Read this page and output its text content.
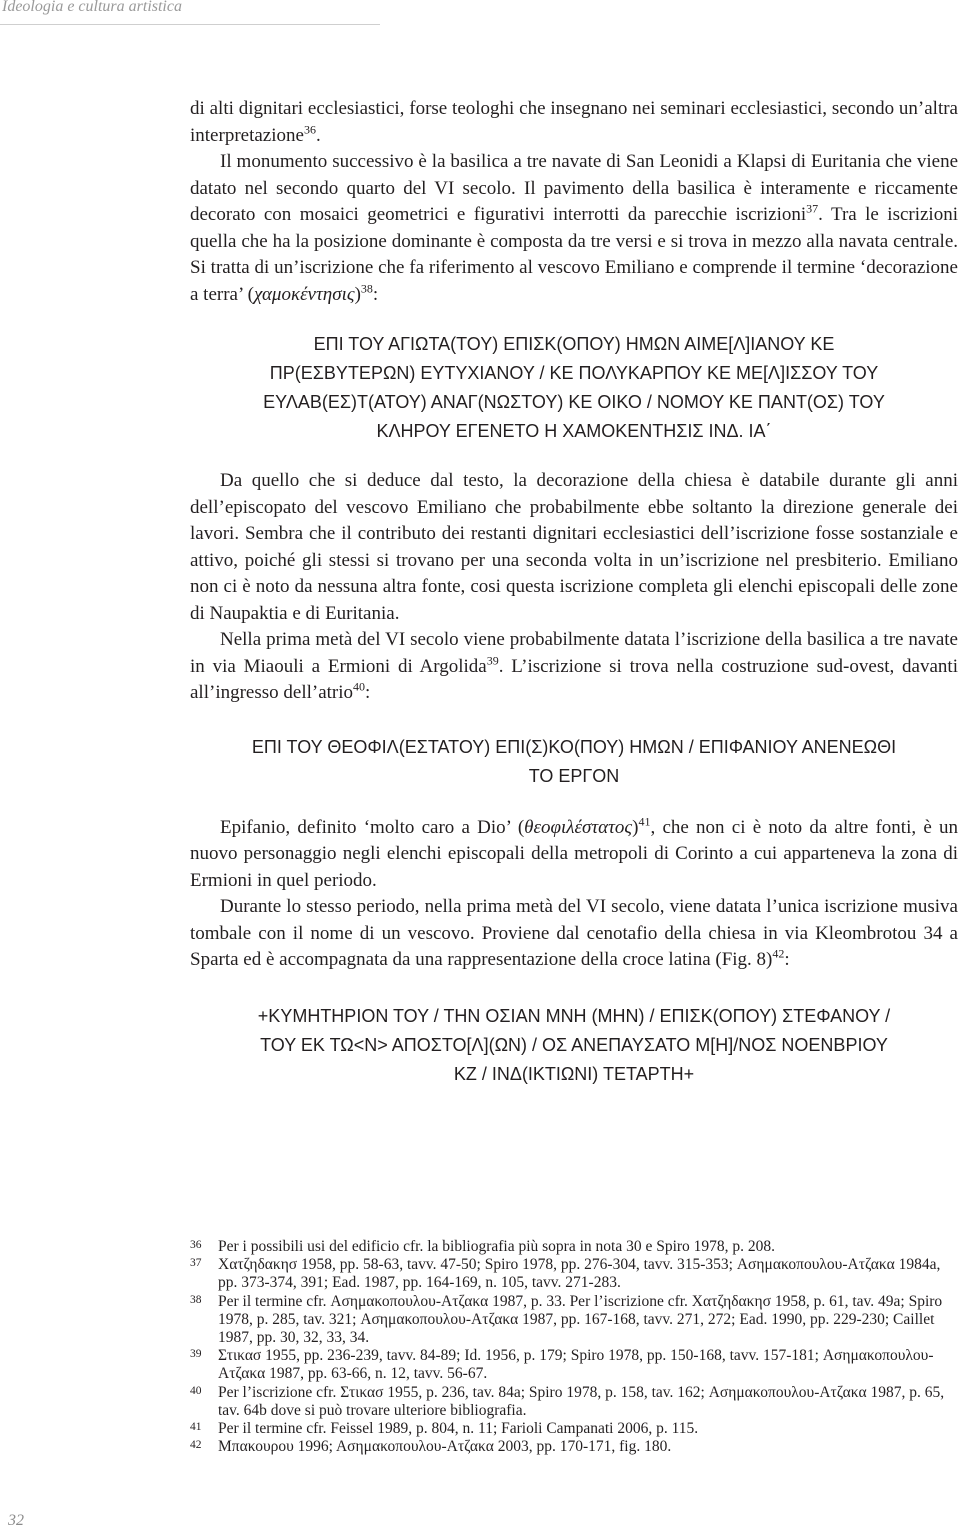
Ideologia e cultura artistica

di alti dignitari ecclesiastici, forse teologhi che insegnano nei seminari ecclesiastici, secondo un’altra interpretazione$^{36}$.

Il monumento successivo è la basilica a tre navate di San Leonidi a Klapsi di Euritania che viene datato nel secondo quarto del VI secolo. Il pavimento della basilica è interamente e riccamente decorato con mosaici geometrici e figurativi interrotti da parecchie iscrizioni$^{37}$. Tra le iscrizioni quella che ha la posizione dominante è composta da tre versi e si trova in mezzo alla navata centrale. Si tratta di un’iscrizione che fa riferimento al vescovo Emiliano e comprende il termine ‘decorazione a terra’ $(\chi\alpha\mu o\kappa έ\nu\tau\eta\sigma\iota\varsigma)^{38}$:

ΕΠΙ ΤΟΥ ΑΓΙΩΤΑ(ΤΟΥ) ΕΠΙΣΚ(ΟΠΟΥ) ΗΜΩΝ ΑΙΜΕ[Λ]ΙΑΝΟΥ ΚΕ

ΠΡ(ΕΣΒΥΤΕΡΩΝ) ΕΥΤΥΧΙΑΝΟΥ / ΚΕ ΠΟΛΥΚΑΡΠΟΥ ΚΕ ΜΕ[Λ]ΙΣΣΟΥ ΤΟΥ

ΕΥΛΑΒ(ΕΣ)Τ(ΑΤΟΥ) ΑΝΑΓ(ΝΩΣΤΟΥ) ΚΕ ΟΙΚΟ / ΝΟΜΟΥ ΚΕ ΠΑΝΤ(ΟΣ) ΤΟΥ

ΚΛΗΡΟΥ ΕΓΕΝΕΤΟ Η ΧΑΜΟΚΕΝΤΗΣΙΣ ΙΝΔ. ΙΑ΄

Da quello che si deduce dal testo, la decorazione della chiesa è databile durante gli anni dell’episcopato del vescovo Emiliano che probabilmente ebbe soltanto la direzione generale dei lavori. Sembra che il contributo dei restanti dignitari ecclesiastici dell’iscrizione fosse sostanziale e attivo, poiché gli stessi si trovano per una seconda volta in un’iscrizione nel presbiterio. Emiliano non ci è noto da nessuna altra fonte, cosi questa iscrizione completa gli elenchi episcopali delle zone di Naupaktia e di Euritania.

Nella prima metà del VI secolo viene probabilmente datata l’iscrizione della basilica a tre navate in via Miaouli a Ermioni di Argolida$^{39}$. L’iscrizione si trova nella costruzione sud-ovest, davanti all’ingresso dell’atrio$^{40}$:

ΕΠΙ ΤΟΥ ΘΕΟΦΙΛ(ΕΣΤΑΤΟΥ) ΕΠΙ(Σ)ΚΟ(ΠΟΥ) ΗΜΩΝ / ΕΠΙΦΑΝΙΟΥ ΑΝΕΝΕΩΘΙ

ΤΟ ΕΡΓΟΝ

Epifanio, definito ‘molto caro a Dio’ $(\theta\varepsilon o\varphi\iota\lambda έ\sigma\tau\alpha\tau o\varsigma)^{41}$, che non ci è noto da altre fonti, è un nuovo personaggio negli elenchi episcopali della metropoli di Corinto a cui apparteneva la zona di Ermioni in quel periodo.

Durante lo stesso periodo, nella prima metà del VI secolo, viene datata l’unica iscrizione musiva tombale con il nome di un vescovo. Proviene dal cenotafio della chiesa in via Kleombrotou 34 a Sparta ed è accompagnata da una rappresentazione della croce latina (Fig. 8)$^{42}$:

+ΚΥΜΗΤΗΡΙΟΝ ΤΟΥ / ΤΗΝ ΟΣΙΑΝ ΜΝΗ (ΜΗΝ) / ΕΠΙΣΚ(ΟΠΟΥ) ΣΤΕΦΑΝΟΥ /

ΤΟΥ ΕΚ ΤΩ<Ν> ΑΠΟΣΤΟ[Λ](ΩΝ) / ΟΣ ΑΝΕΠΑΥΣΑΤΟ Μ[Η]/ΝΟΣ ΝΟΕΝΒΡΙΟΥ

ΚΖ / ΙΝΔ(ΙΚΤΙΩΝΙ) ΤΕΤΑΡΤΗ+

36 Per i possibili usi del edificio cfr. la bibliografia più sopra in nota 30 e Spiro 1978, p. 208.

37 Χατζηδακησ 1958, pp. 58-63, tavv. 47-50; Spiro 1978, pp. 276-304, tavv. 315-353; Ασημακοπουλου-Ατζακα 1984a, pp. 373-374, 391; Ead. 1987, pp. 164-169, n. 105, tavv. 271-283.

38 Per il termine cfr. Ασημακοπουλου-Ατζακα 1987, p. 33. Per l’iscrizione cfr. Χατζηδακησ 1958, p. 61, tav. 49a; Spiro 1978, p. 285, tav. 321; Ασημακοπουλου-Ατζακα 1987, pp. 167-168, tavv. 271, 272; Ead. 1990, pp. 229-230; Caillet 1987, pp. 30, 32, 33, 34.

39 Στικασ 1955, pp. 236-239, tavv. 84-89; Id. 1956, p. 179; Spiro 1978, pp. 150-168, tavv. 157-181; Ασημακοπουλου-Ατζακα 1987, pp. 63-66, n. 12, tavv. 56-67.

40 Per l’iscrizione cfr. Στικασ 1955, p. 236, tav. 84a; Spiro 1978, p. 158, tav. 162; Ασημακοπουλου-Ατζακα 1987, p. 65, tav. 64b dove si può trovare ulteriore bibliografia.

41 Per il termine cfr. Feissel 1989, p. 804, n. 11; Farioli Campanati 2006, p. 115.

42 Μπακουρου 1996; Ασημακοπουλου-Ατζακα 2003, pp. 170-171, fig. 180.

32
